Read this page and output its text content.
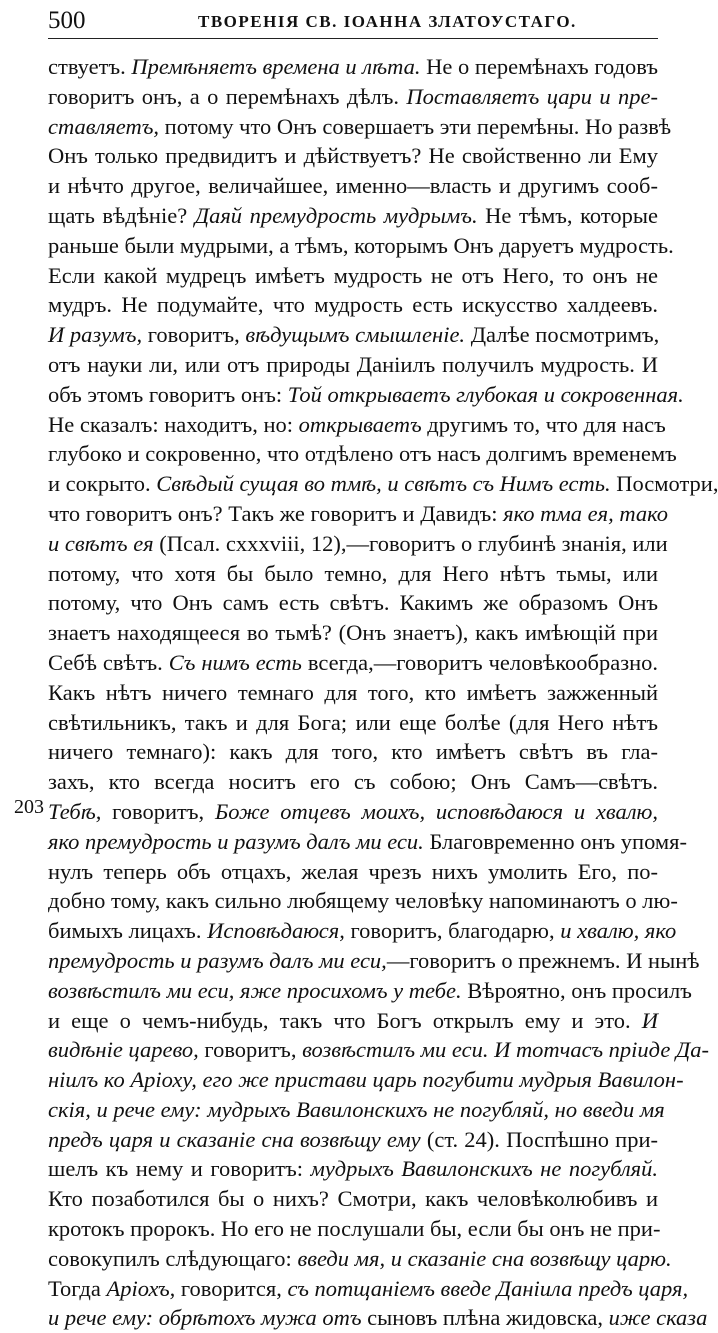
500	ТВОРЕНІЯ СВ. ІОАННА ЗЛАТОУСТАГО.
203
ствуетъ. Премѣняетъ времена и лѣта. Не о перемѣнахъ годовъ
говоритъ онъ, а о перемѣнахъ дѣлъ. Поставляетъ цари и пре-
ставляетъ, потому что Онъ совершаетъ эти перемѣны. Но развѣ
Онъ только предвидитъ и дѣйствуетъ? Не свойственно ли Ему
и нѣчто другое, величайшее, именно—власть и другимъ сооб-
щать вѣдѣніе? Даяй премудрость мудрымъ. Не тѣмъ, которые
раньше были мудрыми, а тѣмъ, которымъ Онъ даруетъ мудрость.
Если какой мудрецъ имѣетъ мудрость не отъ Него, то онъ не
мудръ. Не подумайте, что мудрость есть искусство халдеевъ.
И разумъ, говоритъ, вѣдущымъ смышленіе. Далѣе посмотримъ,
отъ науки ли, или отъ природы Даніилъ получилъ мудрость. И
объ этомъ говоритъ онъ: Той открываетъ глубокая и сокровенная.
Не сказалъ: находитъ, но: открываетъ другимъ то, что для насъ
глубоко и сокровенно, что отдѣлено отъ насъ долгимъ временемъ
и сокрыто. Свѣдый сущая во тмѣ, и свѣтъ съ Нимъ есть. Посмотри,
что говоритъ онъ? Такъ же говоритъ и Давидъ: яко тма ея, тако
и свѣтъ ея (Псал. cxxxviii, 12),—говоритъ о глубинѣ знанія, или
потому, что хотя бы было темно, для Него нѣтъ тьмы, или
потому, что Онъ самъ есть свѣтъ. Какимъ же образомъ Онъ
знаетъ находящееся во тьмѣ? (Онъ знаетъ), какъ имѣющій при
Себѣ свѣтъ. Съ нимъ есть всегда,—говоритъ человѣкообразно.
Какъ нѣтъ ничего темнаго для того, кто имѣетъ зажженный
свѣтильникъ, такъ и для Бога; или еще болѣе (для Него нѣтъ
ничего темнаго): какъ для того, кто имѣетъ свѣтъ въ гла-
захъ, кто всегда носитъ его съ собою; Онъ Самъ—свѣтъ.
Тебѣ, говоритъ, Боже отцевъ моихъ, исповѣдаюся и хвалю,
яко премудрость и разумъ далъ ми еси. Благовременно онъ упомя-
нулъ теперь объ отцахъ, желая чрезъ нихъ умолить Его, по-
добно тому, какъ сильно любящему человѣку напоминаютъ о лю-
бимыхъ лицахъ. Исповѣдаюся, говоритъ, благодарю, и хвалю, яко
премудрость и разумъ далъ ми еси,—говоритъ о прежнемъ. И нынѣ
возвѣстилъ ми еси, яже просихомъ у тебе. Вѣроятно, онъ просилъ
и еще о чемъ-нибудь, такъ что Богъ открылъ ему и это. И
видѣніе царево, говоритъ, возвѣстилъ ми еси. И тотчасъ пріиде Да-
ніилъ ко Аріоху, его же пристави царь погубити мудрыя Вавилон-
скія, и рече ему: мудрыхъ Вавилонскихъ не погубляй, но введи мя
предъ царя и сказаніе сна возвѣщу ему (ст. 24). Поспѣшно при-
шелъ къ нему и говоритъ: мудрыхъ Вавилонскихъ не погубляй.
Кто позаботился бы о нихъ? Смотри, какъ человѣколюбивъ и
кротокъ пророкъ. Но его не послушали бы, если бы онъ не при-
совокупилъ слѣдующаго: введи мя, и сказаніе сна возвѣщу царю.
Тогда Аріохъ, говорится, съ потщаніемъ введе Даніила предъ царя,
и рече ему: обрѣтохъ мужа отъ сыновъ плѣна жидовска, иже сказа
